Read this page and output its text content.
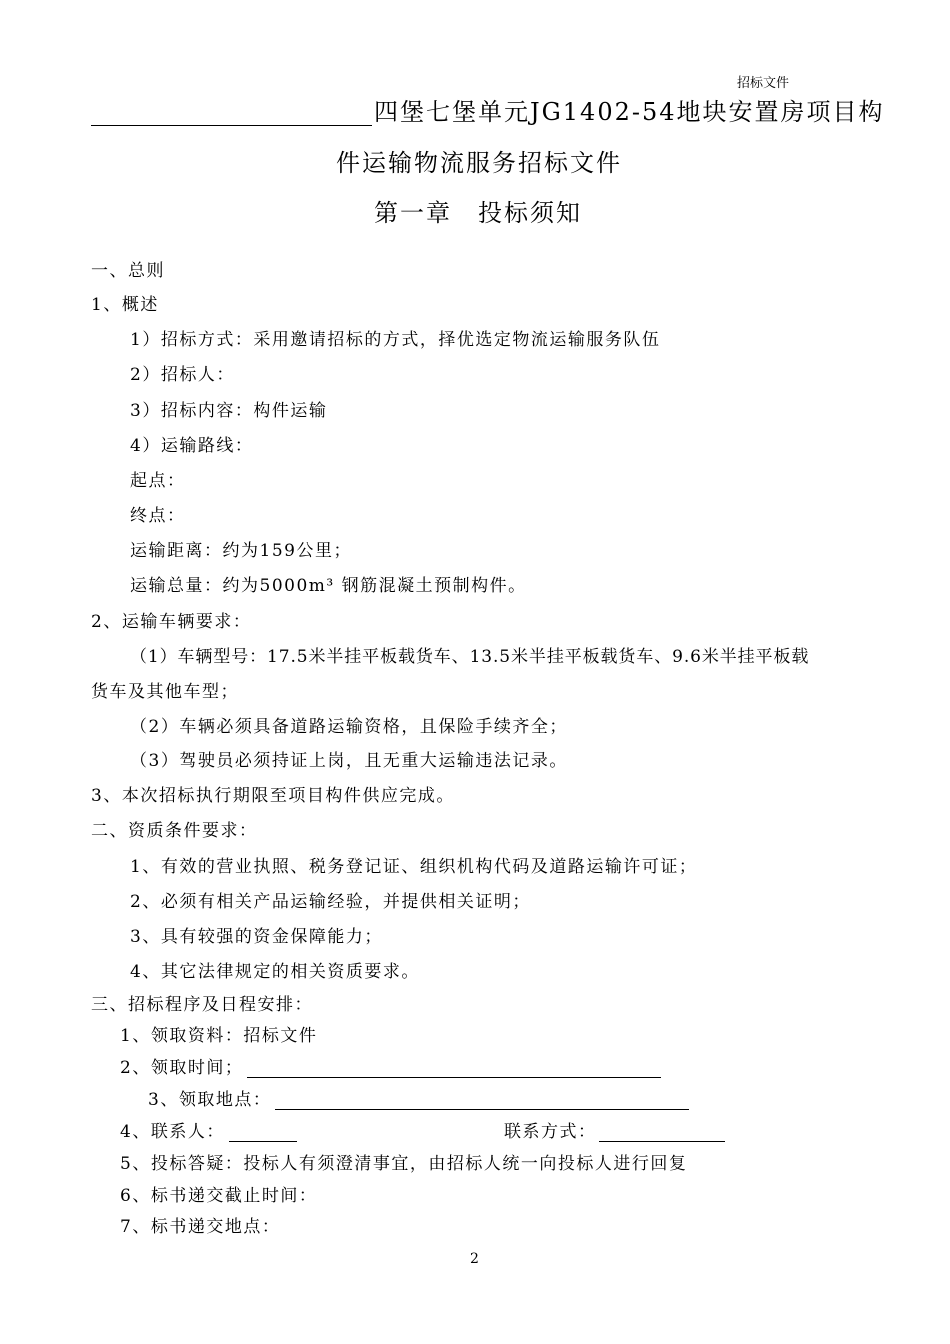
招标文件
四堡七堡单元JG1402-54地块安置房项目构
件运输物流服务招标文件
第一章　投标须知
一、总则
1、概述
1）招标方式：采用邀请招标的方式，择优选定物流运输服务队伍
2）招标人：
3）招标内容：构件运输
4）运输路线：
起点：
终点：
运输距离：约为159公里；
运输总量：约为5000m³ 钢筋混凝土预制构件。
2、运输车辆要求：
（1）车辆型号：17.5米半挂平板载货车、13.5米半挂平板载货车、9.6米半挂平板载
货车及其他车型；
（2）车辆必须具备道路运输资格，且保险手续齐全；
（3）驾驶员必须持证上岗，且无重大运输违法记录。
3、本次招标执行期限至项目构件供应完成。
二、资质条件要求：
1、有效的营业执照、税务登记证、组织机构代码及道路运输许可证；
2、必须有相关产品运输经验，并提供相关证明；
3、具有较强的资金保障能力；
4、其它法律规定的相关资质要求。
三、招标程序及日程安排：
1、领取资料：招标文件
2、领取时间；
3、领取地点：
4、联系人：	联系方式：
5、投标答疑：投标人有须澄清事宜，由招标人统一向投标人进行回复
6、标书递交截止时间：
7、标书递交地点：
2
